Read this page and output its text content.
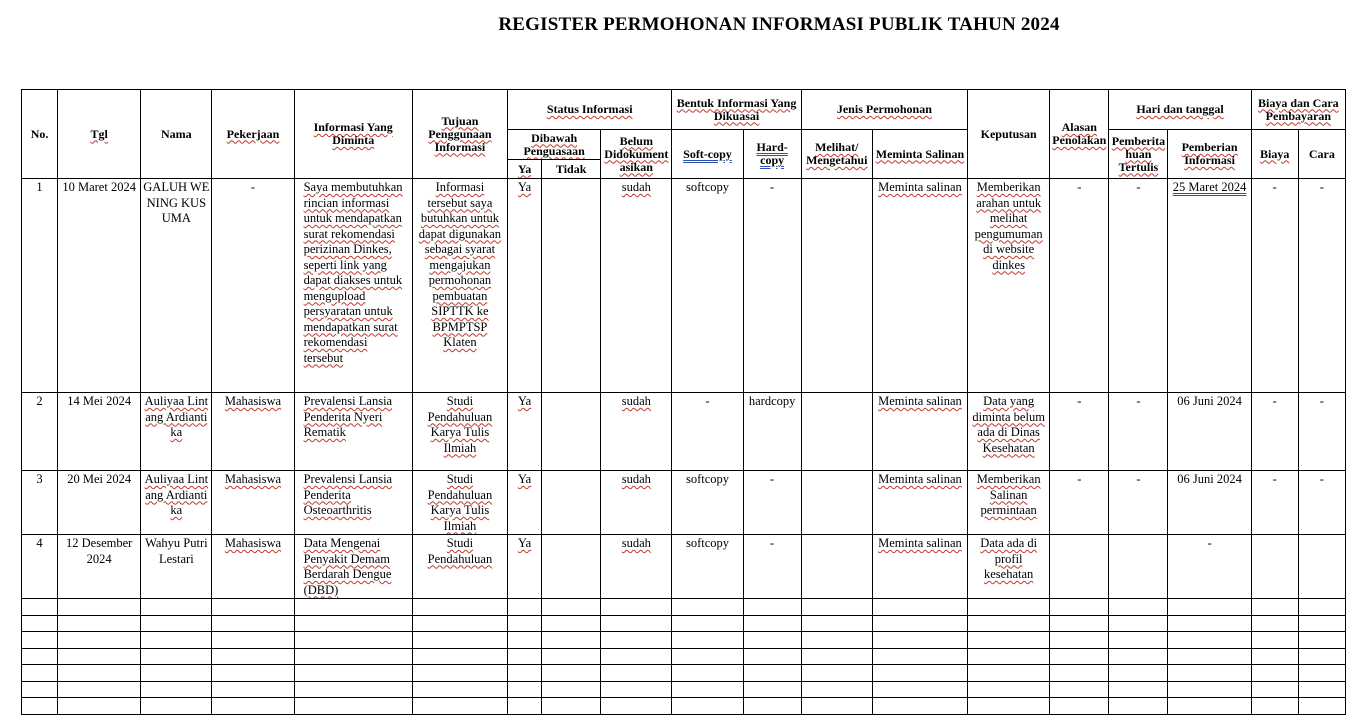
REGISTER PERMOHONAN INFORMASI PUBLIK TAHUN 2024
No.	Tgl	Nama	Pekerjaan	Informasi Yang Diminta	Tujuan Penggunaan Informasi	Status Informasi			Bentuk Informasi Yang Dikuasai		Jenis Permohonan		Keputusan	Alasan Penolakan	Hari dan tanggal		Biaya dan Cara Pembayaran	
						Dibawah Penguasaan		Belum Didokumentasikan	Soft-copy	Hard-copy	Melihat/ Mengetahui	Meminta Salinan			Pemberitahuan Tertulis	Pemberian Informasi	Biaya	Cara
						Ya	Tidak											
1	10 Maret 2024	GALUH WENING KUSUMA	-	Saya membutuhkan rincian informasi untuk mendapatkan surat rekomendasi perizinan Dinkes, seperti link yang dapat diakses untuk mengupload persyaratan untuk mendapatkan surat rekomendasi tersebut	Informasi tersebut saya butuhkan untuk dapat digunakan sebagai syarat mengajukan permohonan pembuatan SIPTTK ke BPMPTSP Klaten	Ya		sudah	softcopy	-		Meminta salinan	Memberikan arahan untuk melihat pengumuman di website dinkes	-	-	25 Maret 2024	-	-
2	14 Mei 2024	Auliyaa Lintang Ardiantika	Mahasiswa	Prevalensi Lansia Penderita Nyeri Rematik	Studi Pendahuluan Karya Tulis Ilmiah	Ya		sudah	-	hardcopy		Meminta salinan	Data yang diminta belum ada di Dinas Kesehatan	-	-	06 Juni 2024	-	-
3	20 Mei 2024	Auliyaa Lintang Ardiantika	Mahasiswa	Prevalensi Lansia Penderita Osteoarthritis	Studi Pendahuluan Karya Tulis Ilmiah	Ya		sudah	softcopy	-		Meminta salinan	Memberikan Salinan permintaan	-	-	06 Juni 2024	-	-
4	12 Desember 2024	Wahyu Putri Lestari	Mahasiswa	Data Mengenai Penyakit Demam Berdarah Dengue (DBD)	Studi Pendahuluan	Ya		sudah	softcopy	-		Meminta salinan	Data ada di profil kesehatan			-		
